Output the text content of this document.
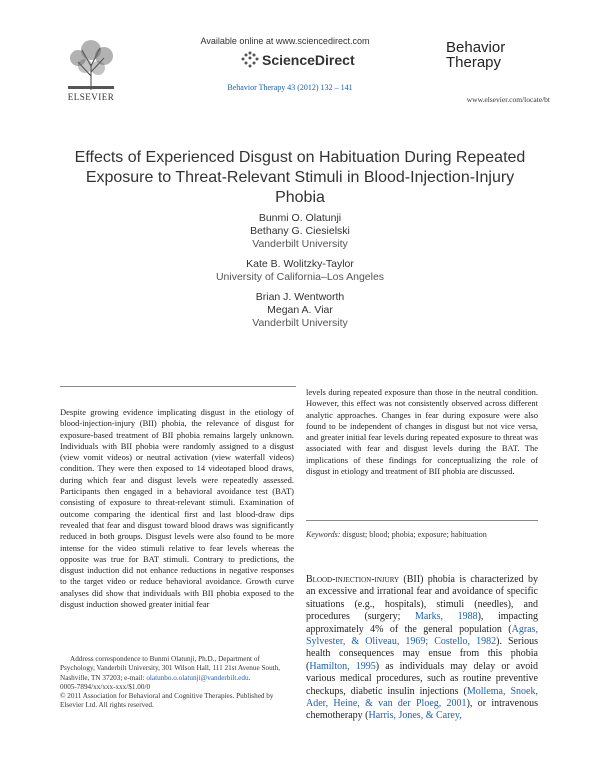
Available online at www.sciencedirect.com
ScienceDirect
Behavior Therapy 43 (2012) 132 – 141
ELSEVIER
Behavior
Therapy
www.elsevier.com/locate/bt
Effects of Experienced Disgust on Habituation During Repeated Exposure to Threat-Relevant Stimuli in Blood-Injection-Injury Phobia
Bunmi O. Olatunji
Bethany G. Ciesielski
Vanderbilt University
Kate B. Wolitzky-Taylor
University of California–Los Angeles
Brian J. Wentworth
Megan A. Viar
Vanderbilt University
Despite growing evidence implicating disgust in the etiology of blood-injection-injury (BII) phobia, the relevance of disgust for exposure-based treatment of BII phobia remains largely unknown. Individuals with BII phobia were randomly assigned to a disgust (view vomit videos) or neutral activation (view waterfall videos) condition. They were then exposed to 14 videotaped blood draws, during which fear and disgust levels were repeatedly assessed. Participants then engaged in a behavioral avoidance test (BAT) consisting of exposure to threat-relevant stimuli. Examination of outcome comparing the identical first and last blood-draw dips revealed that fear and disgust toward blood draws was significantly reduced in both groups. Disgust levels were also found to be more intense for the video stimuli relative to fear levels whereas the opposite was true for BAT stimuli. Contrary to predictions, the disgust induction did not enhance reductions in negative responses to the target video or reduce behavioral avoidance. Growth curve analyses did show that individuals with BII phobia exposed to the disgust induction showed greater initial fear
levels during repeated exposure than those in the neutral condition. However, this effect was not consistently observed across different analytic approaches. Changes in fear during exposure were also found to be independent of changes in disgust but not vice versa, and greater initial fear levels during repeated exposure to threat was associated with fear and disgust levels during the BAT. The implications of these findings for conceptualizing the role of disgust in etiology and treatment of BII phobia are discussed.
Keywords: disgust; blood; phobia; exposure; habituation
Blood-injection-injury (BII) phobia is characterized by an excessive and irrational fear and avoidance of specific situations (e.g., hospitals), stimuli (needles), and procedures (surgery; Marks, 1988), impacting approximately 4% of the general population (Agras, Sylvester, & Oliveau, 1969; Costello, 1982). Serious health consequences may ensue from this phobia (Hamilton, 1995) as individuals may delay or avoid various medical procedures, such as routine preventive checkups, diabetic insulin injections (Mollema, Snoek, Ader, Heine, & van der Ploeg, 2001), or intravenous chemotherapy (Harris, Jones, & Carey,
Address correspondence to Bunmi Olatunji, Ph.D., Department of Psychology, Vanderbilt University, 301 Wilson Hall, 111 21st Avenue South, Nashville, TN 37203; e-mail: olatunbo.o.olatunji@vanderbilt.edu.
0005-7894/xx/xxx-xxx/$1.00/0
© 2011 Association for Behavioral and Cognitive Therapies. Published by Elsevier Ltd. All rights reserved.
